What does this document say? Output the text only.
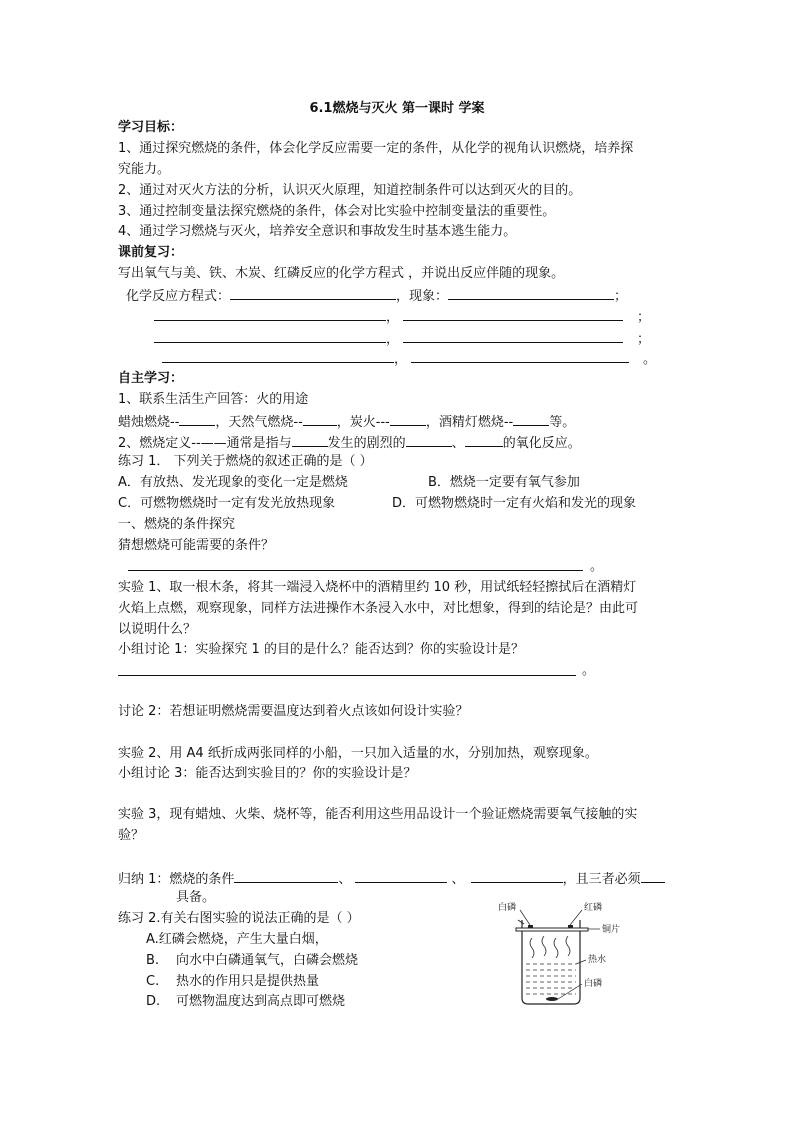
6.1燃烧与灭火 第一课时 学案
学习目标：
1、通过探究燃烧的条件，体会化学反应需要一定的条件，从化学的视角认识燃烧，培养探
究能力。
2、通过对灭火方法的分析，认识灭火原理，知道控制条件可以达到灭火的目的。
3、通过控制变量法探究燃烧的条件，体会对比实验中控制变量法的重要性。
4、通过学习燃烧与灭火，培养安全意识和事故发生时基本逃生能力。
课前复习：
写出氧气与美、铁、木炭、红磷反应的化学方程式 ，并说出反应伴随的现象。
化学反应方程式：	，现象：	；
，	；
，	；
，	。
自主学习：
1、联系生活生产回答：火的用途
蜡烛燃烧--	，天然气燃烧--	，炭火---	，酒精灯燃烧--	等。
2、燃烧定义--——通常是指与	发生的剧烈的	、	的氧化反应。
练习 1． 下列关于燃烧的叙述正确的是（ ）
A．有放热、发光现象的变化一定是燃烧	B．燃烧一定要有氧气参加
C．可燃物燃烧时一定有发光放热现象	D．可燃物燃烧时一定有火焰和发光的现象
一、燃烧的条件探究
猜想燃烧可能需要的条件？
。
实验 1、取一根木条，将其一端浸入烧杯中的酒精里约 10 秒，用试纸轻轻擦拭后在酒精灯
火焰上点燃，观察现象，同样方法进操作木条浸入水中，对比想象，得到的结论是？由此可
以说明什么？
小组讨论 1：实验探究 1 的目的是什么？能否达到？你的实验设计是？
。
讨论 2：若想证明燃烧需要温度达到着火点该如何设计实验？
实验 2、用 A4 纸折成两张同样的小船，一只加入适量的水，分别加热，观察现象。
小组讨论 3：能否达到实验目的？你的实验设计是？
实验 3，现有蜡烛、火柴、烧杯等，能否利用这些用品设计一个验证燃烧需要氧气接触的实
验？
归纳 1：燃烧的条件	、	、	，且三者必须
具备。
练习 2.有关右图实验的说法正确的是（ ）
A.红磷会燃烧，产生大量白烟，
B. 向水中白磷通氧气，白磷会燃烧
C. 热水的作用只是提供热量
D. 可燃物温度达到高点即可燃烧
白磷	红磷
铜片
热水
白磷
